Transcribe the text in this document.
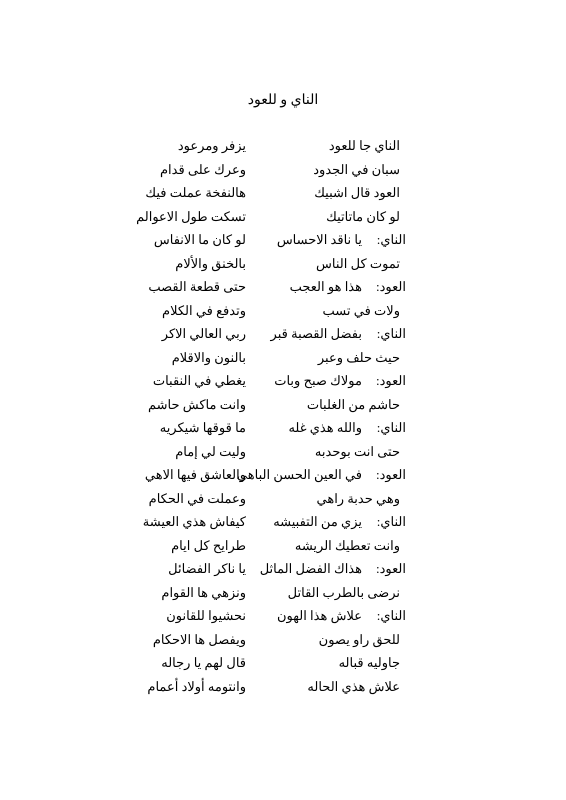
الناي و للعود
الناي جا للعود
يزفر ومرعود
سبان في الجدود
وعرك على قدام
العود قال اشبيك
هالنفخة عملت فيك
لو كان ماتاتيك
تسكت طول الاعوالم
الناي:
يا ناقد الاحساس
لو كان ما الانفاس
تموت كل الناس
بالخنق والألام
العود:
هذا هو العجب
حتى قطعة القصب
ولات في تسب
وتدفع في الكلام
الناي:
بفضل القصبة قبر
ربي العالي الاكر
حيث حلف وعبر
بالنون والاقلام
العود:
مولاك صبح وبات
يغطي في النقبات
حاشم من الغلبات
وانت ماكش حاشم
الناي:
والله هذي غله
ما قوقها شيكريه
حتى انت بوحدبه
وليت لي إمام
العود:
في العين الحسن الباهي
والعاشق فيها الاهي
وهي حدبة راهي
وعملت في الحكام
الناي:
يزي من التفبيشه
كيفاش هذي العيشة
وانت تعطيك الريشه
طرايح كل ايام
العود:
هذاك الفضل الماثل
يا ناكر الفضائل
نرضى بالطرب القاتل
ونزهي ها القوام
الناي:
علاش هذا الهون
نحشيوا للقانون
للحق راو يصون
ويفصل ها الاحكام
جاوليه قباله
قال لهم يا رجاله
علاش هذي الحاله
وانتومه أولاد أعمام
